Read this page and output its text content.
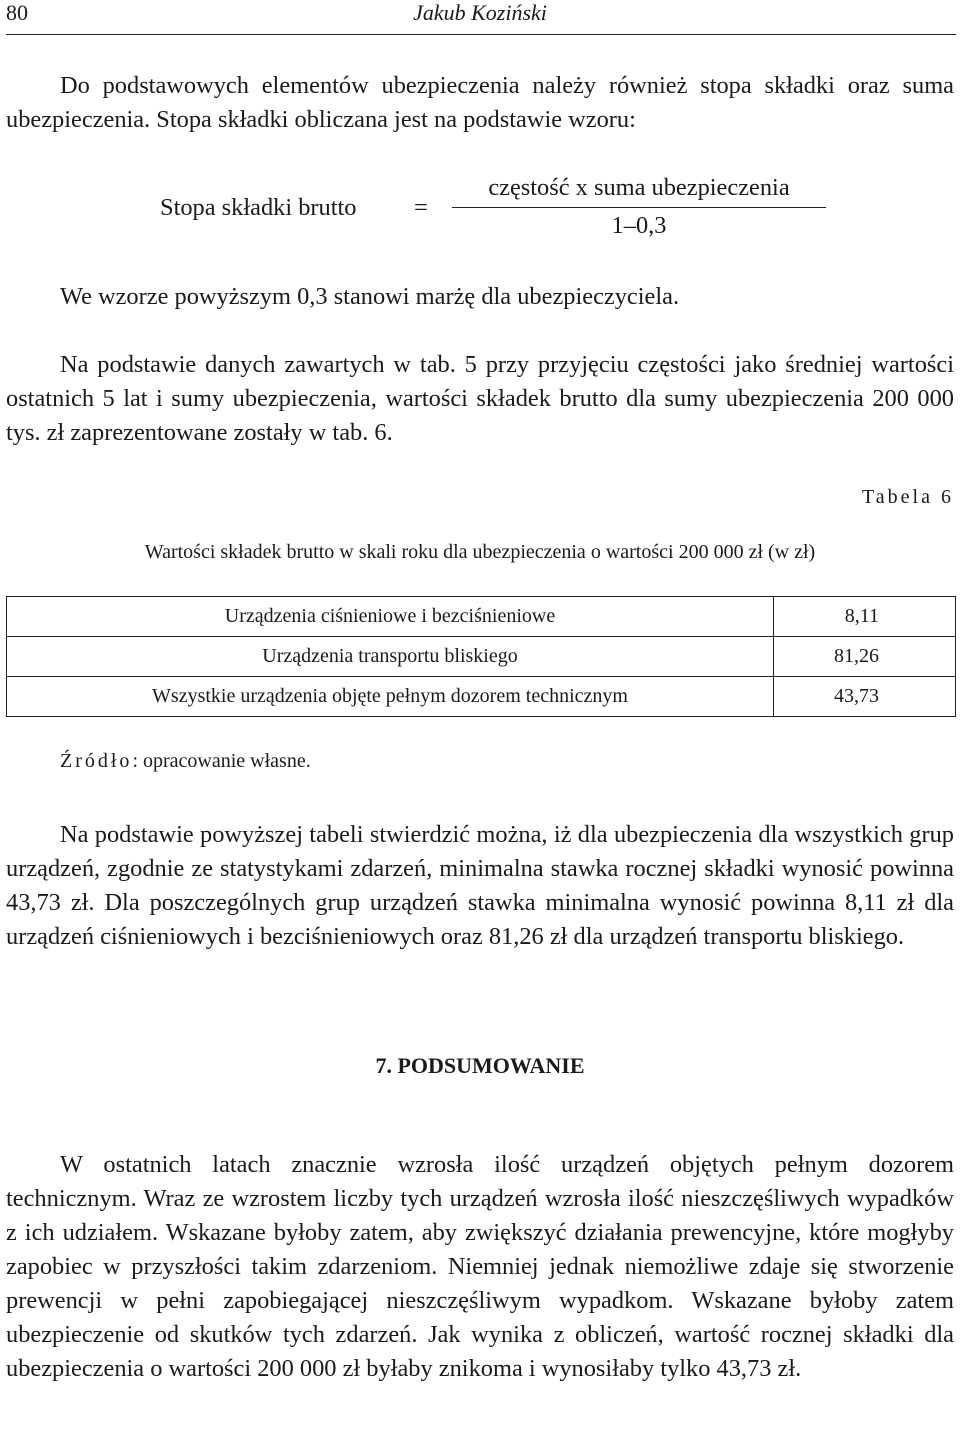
80	Jakub Koziński

Do podstawowych elementów ubezpieczenia należy również stopa składki oraz suma ubezpieczenia. Stopa składki obliczana jest na podstawie wzoru:

Stopa składki brutto =
częstość x suma ubezpieczenia
1–0,3

We wzorze powyższym 0,3 stanowi marżę dla ubezpieczyciela.

Na podstawie danych zawartych w tab. 5 przy przyjęciu częstości jako średniej wartości ostatnich 5 lat i sumy ubezpieczenia, wartości składek brutto dla sumy ubezpieczenia 200 000 tys. zł zaprezentowane zostały w tab. 6.

Tabela 6
Wartości składek brutto w skali roku dla ubezpieczenia o wartości 200 000 zł (w zł)
Urządzenia ciśnieniowe i bezciśnieniowe	8,11
Urządzenia transportu bliskiego	81,26
Wszystkie urządzenia objęte pełnym dozorem technicznym	43,73
Źródło: opracowanie własne.

Na podstawie powyższej tabeli stwierdzić można, iż dla ubezpieczenia dla wszystkich grup urządzeń, zgodnie ze statystykami zdarzeń, minimalna stawka rocznej składki wynosić powinna 43,73 zł. Dla poszczególnych grup urządzeń stawka minimalna wynosić powinna 8,11 zł dla urządzeń ciśnieniowych i bezciśnieniowych oraz 81,26 zł dla urządzeń transportu bliskiego.

7. PODSUMOWANIE

W ostatnich latach znacznie wzrosła ilość urządzeń objętych pełnym dozorem technicznym. Wraz ze wzrostem liczby tych urządzeń wzrosła ilość nieszczęśliwych wypadków z ich udziałem. Wskazane byłoby zatem, aby zwiększyć działania prewencyjne, które mogłyby zapobiec w przyszłości takim zdarzeniom. Niemniej jednak niemożliwe zdaje się stworzenie prewencji w pełni zapobiegającej nieszczęśliwym wypadkom. Wskazane byłoby zatem ubezpieczenie od skutków tych zdarzeń. Jak wynika z obliczeń, wartość rocznej składki dla ubezpieczenia o wartości 200 000 zł byłaby znikoma i wynosiłaby tylko 43,73 zł.
